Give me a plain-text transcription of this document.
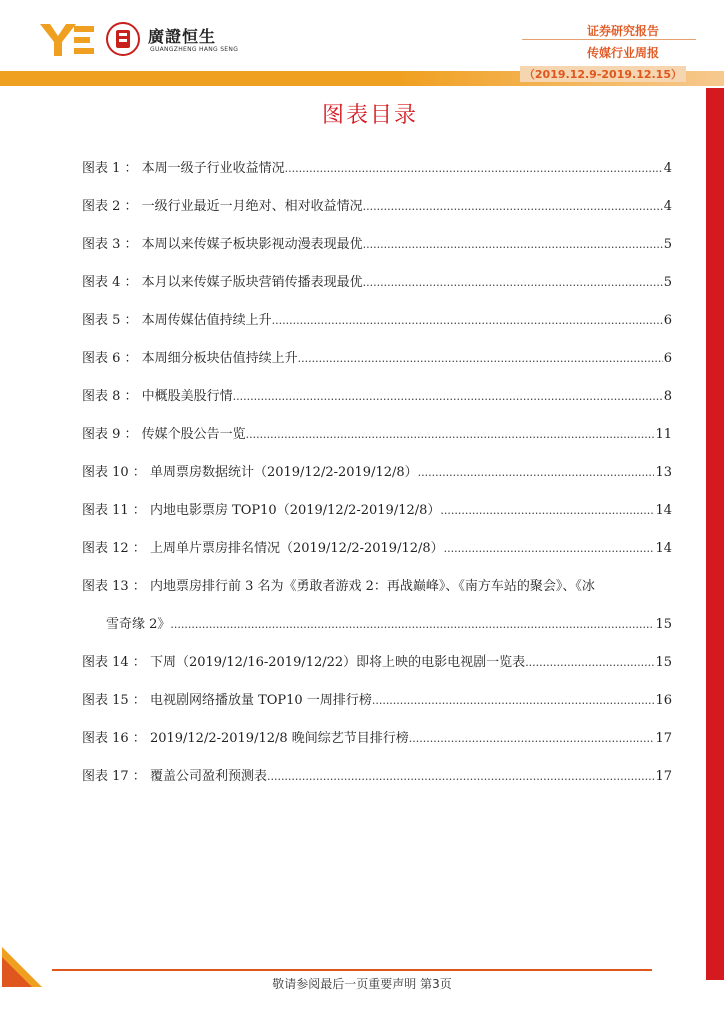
廣證恒生
GUANGZHENG HANG SENG
证券研究报告
传媒行业周报
（2019.12.9-2019.12.15）
图表目录
图表 1 ： 本周一级子行业收益情况 .....	4
图表 2 ： 一级行业最近一月绝对、相对收益情况 .....	4
图表 3 ： 本周以来传媒子板块影视动漫表现最优 .....	5
图表 4 ： 本月以来传媒子版块营销传播表现最优 .....	5
图表 5 ： 本周传媒估值持续上升 .....	6
图表 6 ： 本周细分板块估值持续上升 .....	6
图表 8 ： 中概股美股行情 .....	8
图表 9 ： 传媒个股公告一览 .....	11
图表 10 ： 单周票房数据统计（2019/12/2-2019/12/8） .....	13
图表 11 ： 内地电影票房 TOP10（2019/12/2-2019/12/8） .....	14
图表 12 ： 上周单片票房排名情况（2019/12/2-2019/12/8） .....	14
图表 13 ： 内地票房排行前 3 名为《勇敢者游戏 2：再战巅峰》、《南方车站的聚会》、《冰
雪奇缘 2》 .....	15
图表 14 ： 下周（2019/12/16-2019/12/22）即将上映的电影电视剧一览表 .....	15
图表 15 ： 电视剧网络播放量 TOP10 一周排行榜 .....	16
图表 16 ： 2019/12/2-2019/12/8 晚间综艺节目排行榜 .....	17
图表 17 ： 覆盖公司盈利预测表 .....	17
敬请参阅最后一页重要声明 第3页
